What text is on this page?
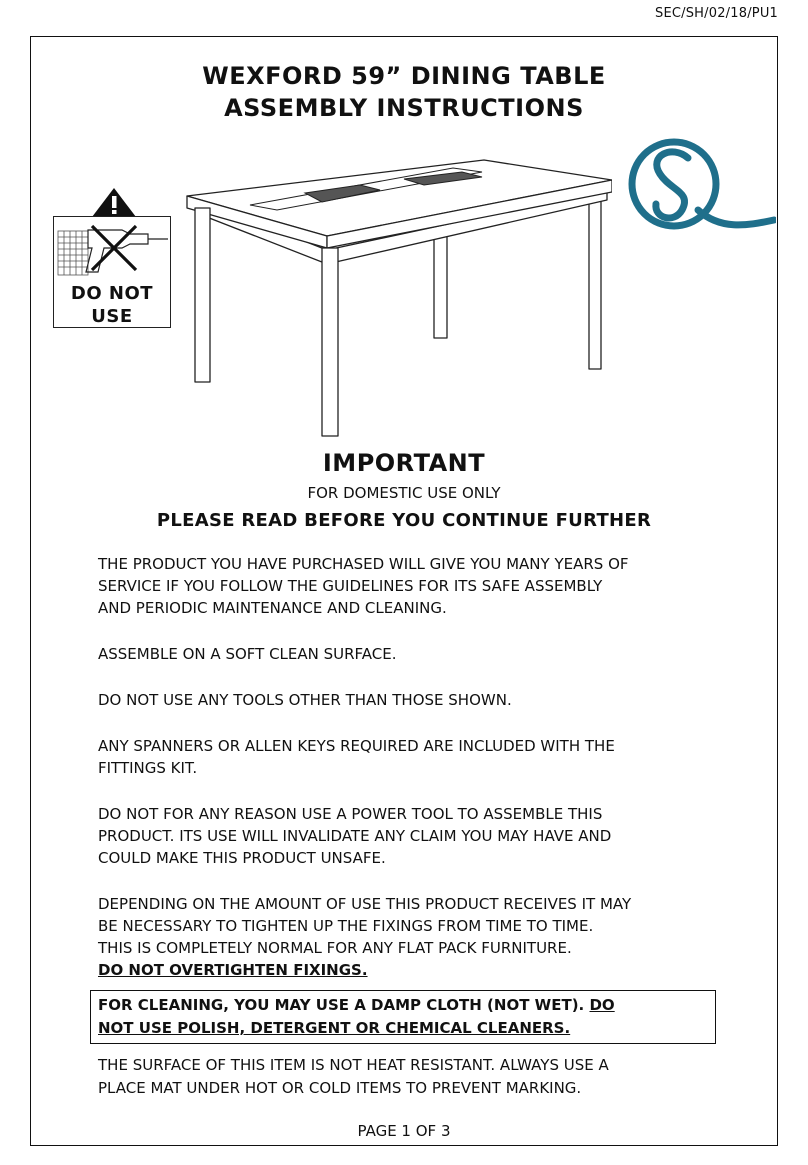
SEC/SH/02/18/PU1
WEXFORD 59” DINING TABLE
ASSEMBLY INSTRUCTIONS
DO NOT
USE
IMPORTANT
FOR DOMESTIC USE ONLY
PLEASE READ BEFORE YOU CONTINUE FURTHER

THE PRODUCT YOU HAVE PURCHASED WILL GIVE YOU MANY YEARS OF
SERVICE IF YOU FOLLOW THE GUIDELINES FOR ITS SAFE ASSEMBLY
AND PERIODIC MAINTENANCE AND CLEANING.

ASSEMBLE ON A SOFT CLEAN SURFACE.

DO NOT USE ANY TOOLS OTHER THAN THOSE SHOWN.

ANY SPANNERS OR ALLEN KEYS REQUIRED ARE INCLUDED WITH THE
FITTINGS KIT.

DO NOT FOR ANY REASON USE A POWER TOOL TO ASSEMBLE THIS
PRODUCT. ITS USE WILL INVALIDATE ANY CLAIM YOU MAY HAVE AND
COULD MAKE THIS PRODUCT UNSAFE.

DEPENDING ON THE AMOUNT OF USE THIS PRODUCT RECEIVES IT MAY
BE NECESSARY TO TIGHTEN UP THE FIXINGS FROM TIME TO TIME.
THIS IS COMPLETELY NORMAL FOR ANY FLAT PACK FURNITURE.
DO NOT OVERTIGHTEN FIXINGS.

FOR CLEANING, YOU MAY USE A DAMP CLOTH (NOT WET). DO
NOT USE POLISH, DETERGENT OR CHEMICAL CLEANERS.
THE SURFACE OF THIS ITEM IS NOT HEAT RESISTANT. ALWAYS USE A
PLACE MAT UNDER HOT OR COLD ITEMS TO PREVENT MARKING.
PAGE 1 OF 3
